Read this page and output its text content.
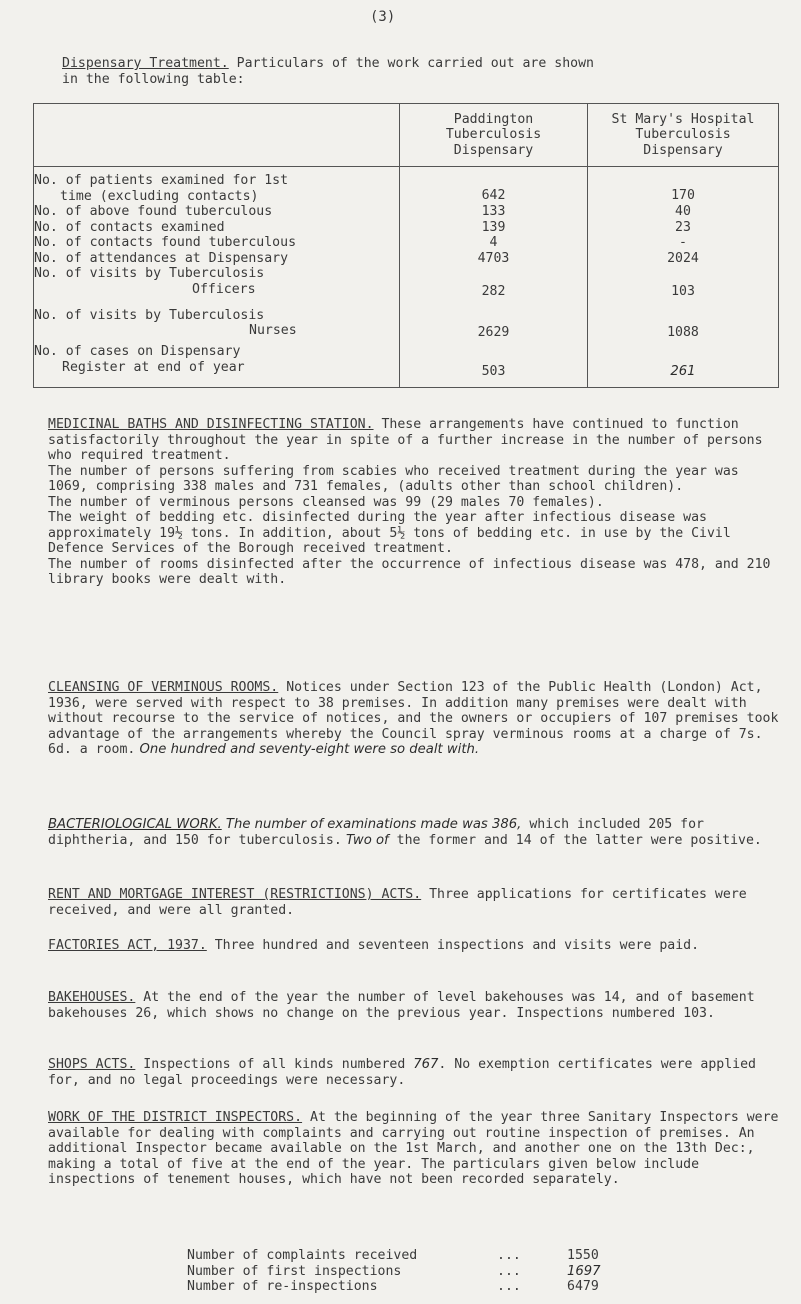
(3)
Dispensary Treatment. Particulars of the work carried out are shown
in the following table:
	Paddington
Tuberculosis
Dispensary	St Mary's Hospital
Tuberculosis
Dispensary
No. of patients examined for 1st
time (excluding contacts)	642	170
No. of above found tuberculous	133	40
No. of contacts examined	139	23
No. of contacts found tuberculous	4	-
No. of attendances at Dispensary	4703	2024
No. of visits by Tuberculosis
Officers	282	103
No. of visits by Tuberculosis
Nurses	2629	1088
No. of cases on Dispensary
Register at end of year	503	261
MEDICINAL BATHS AND DISINFECTING STATION. These arrangements have continued to function satisfactorily throughout the year in spite of a further increase in the number of persons who required treatment.
The number of persons suffering from scabies who received treatment during the year was 1069, comprising 338 males and 731 females, (adults other than school children).
The number of verminous persons cleansed was 99 (29 males 70 females).
The weight of bedding etc. disinfected during the year after infectious disease was approximately 19½ tons. In addition, about 5½ tons of bedding etc. in use by the Civil Defence Services of the Borough received treatment.
The number of rooms disinfected after the occurrence of infectious disease was 478, and 210 library books were dealt with.
CLEANSING OF VERMINOUS ROOMS. Notices under Section 123 of the Public Health (London) Act, 1936, were served with respect to 38 premises. In addition many premises were dealt with without recourse to the service of notices, and the owners or occupiers of 107 premises took advantage of the arrangements whereby the Council spray verminous rooms at a charge of 7s. 6d. a room. One hundred and seventy-eight were so dealt with.
BACTERIOLOGICAL WORK. The number of examinations made was 386, which included 205 for diphtheria, and 150 for tuberculosis. Two of the former and 14 of the latter were positive.
RENT AND MORTGAGE INTEREST (RESTRICTIONS) ACTS. Three applications for certificates were received, and were all granted.
FACTORIES ACT, 1937. Three hundred and seventeen inspections and visits were paid.
BAKEHOUSES. At the end of the year the number of level bakehouses was 14, and of basement bakehouses 26, which shows no change on the previous year. Inspections numbered 103.
SHOPS ACTS. Inspections of all kinds numbered 767. No exemption certificates were applied for, and no legal proceedings were necessary.
WORK OF THE DISTRICT INSPECTORS. At the beginning of the year three Sanitary Inspectors were available for dealing with complaints and carrying out routine inspection of premises. An additional Inspector became available on the 1st March, and another one on the 13th Dec:, making a total of five at the end of the year. The particulars given below include inspections of tenement houses, which have not been recorded separately.
Number of complaints received	...	1550
Number of first inspections	...	1697
Number of re-inspections	...	6479
